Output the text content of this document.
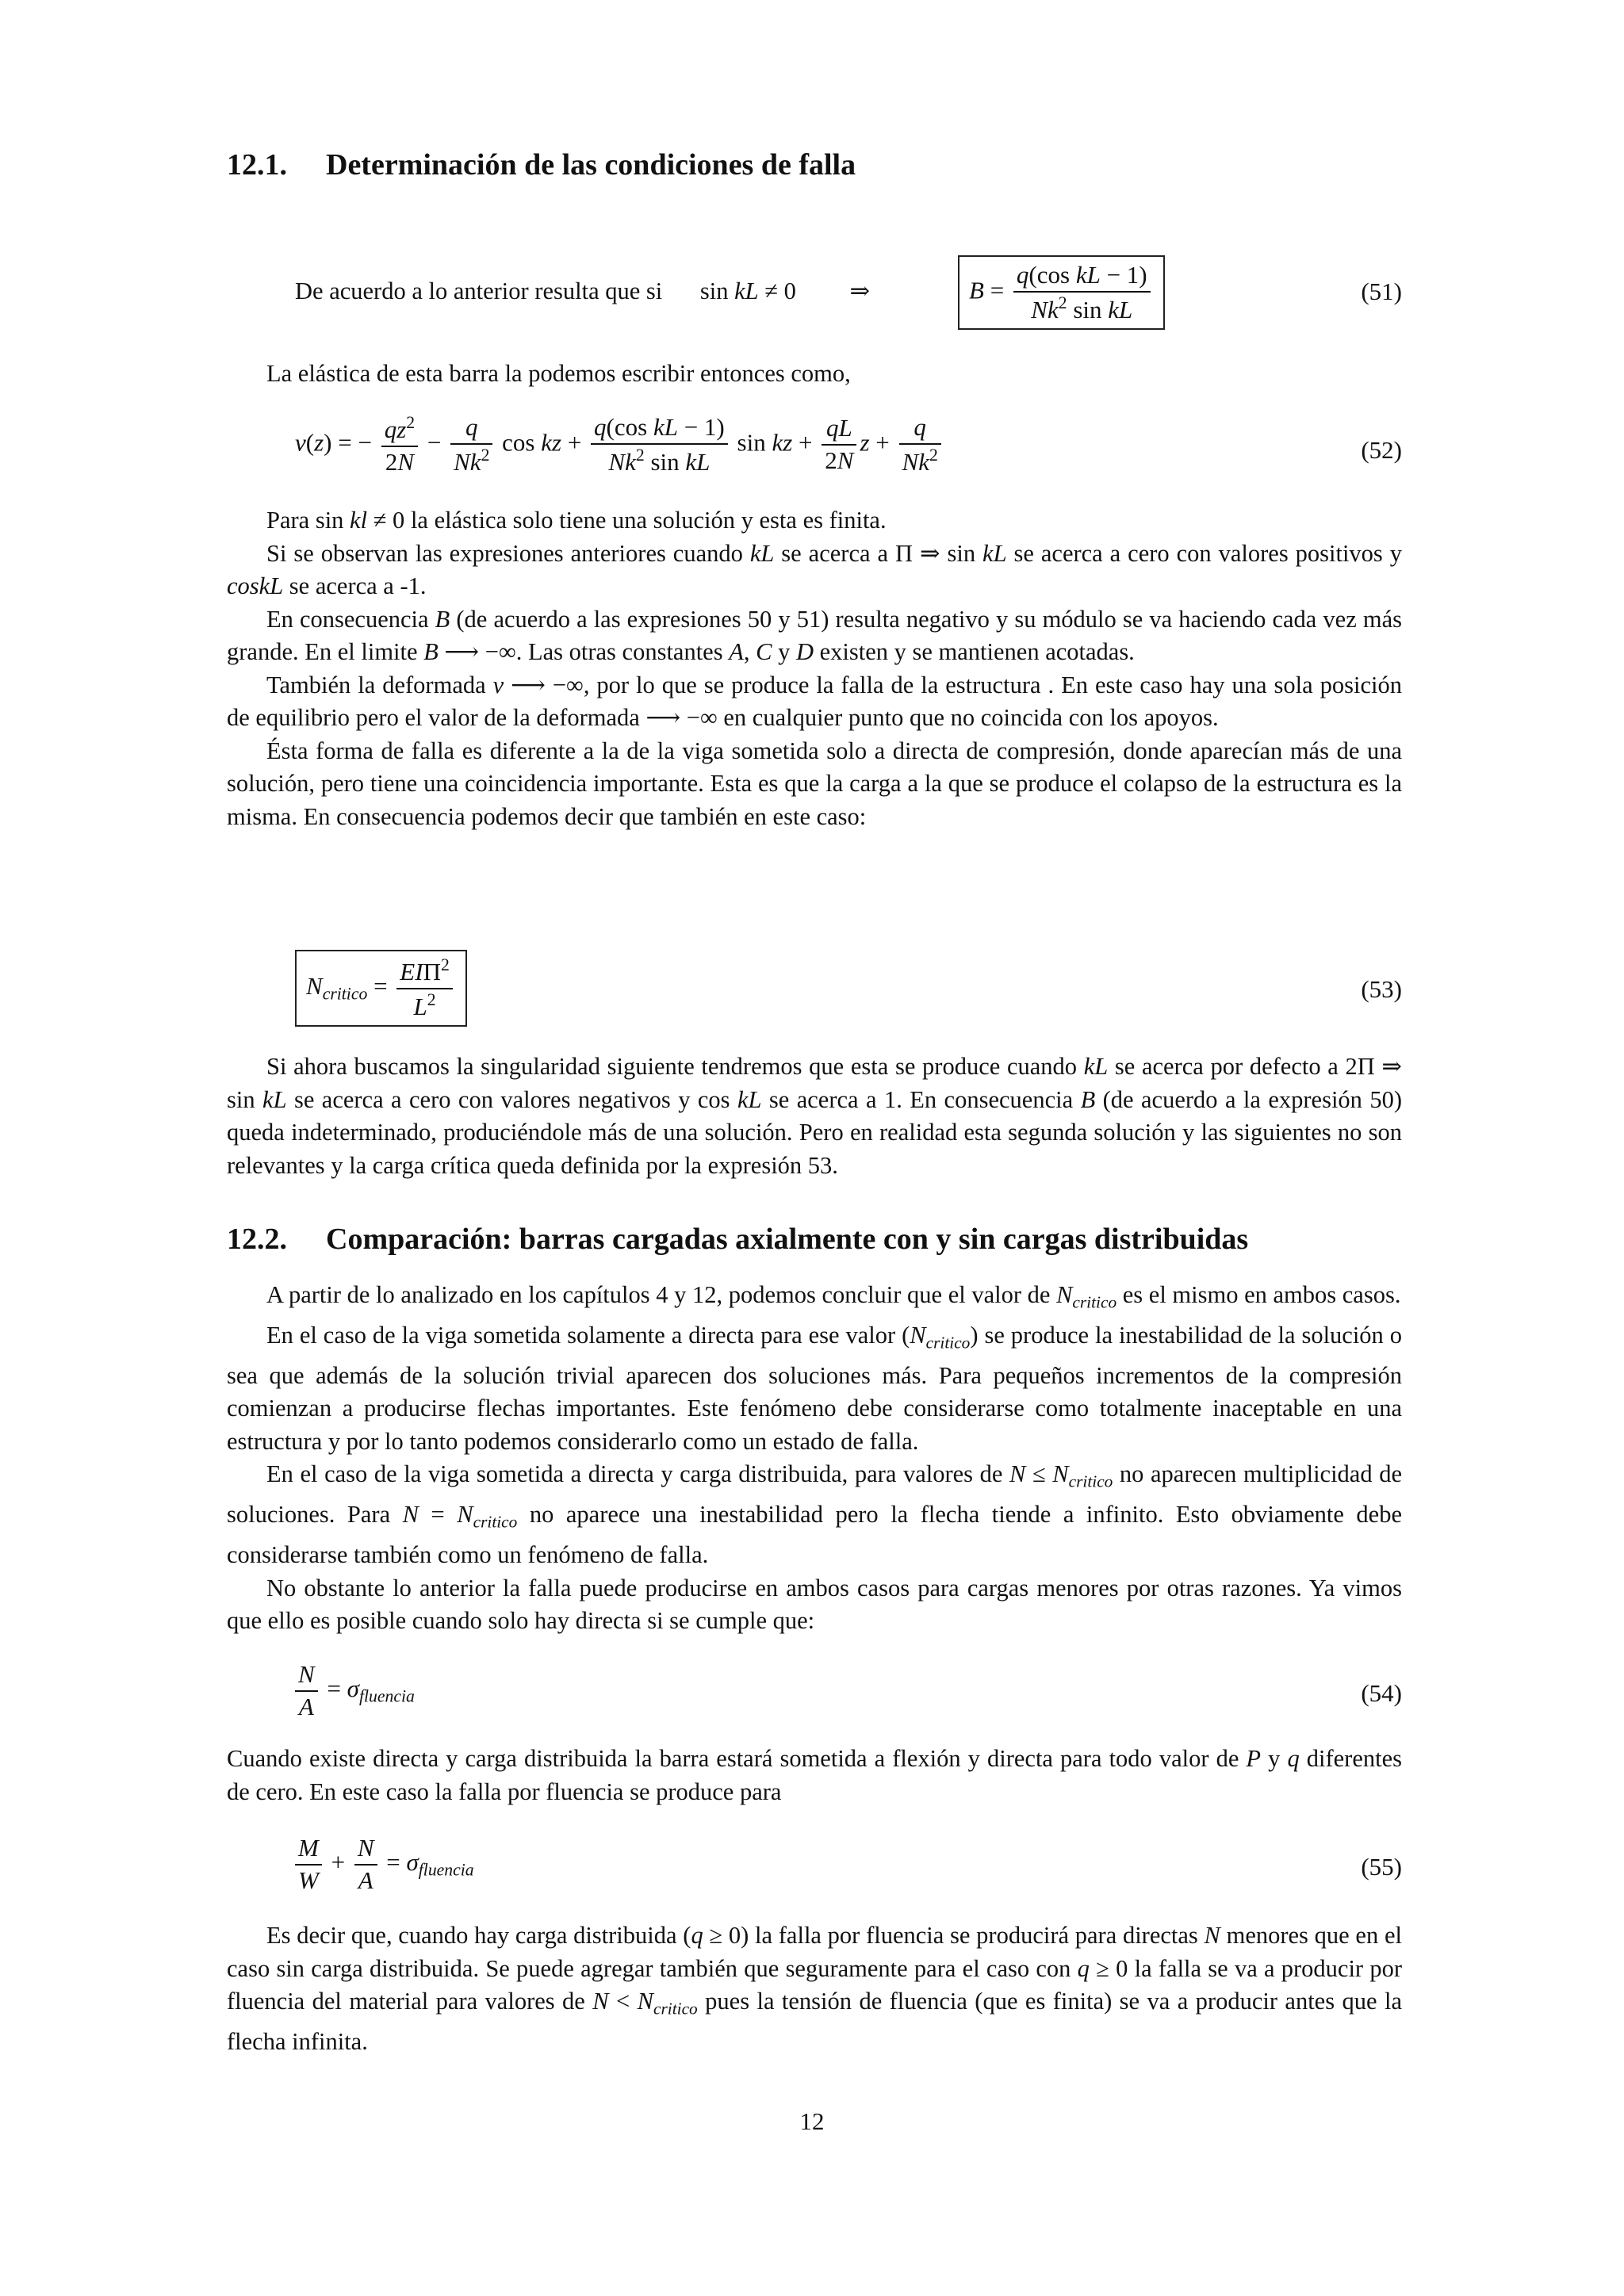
12.1. Determinación de las condiciones de falla
De acuerdo a lo anterior resulta que si sin kL ≠ 0 ⇒	$B = \frac{\text{q(cos kL − 1)}}{Nk^2 \sin kL}$	(51)

La elástica de esta barra la podemos escribir entonces como,

ν(z) = − $\frac{qz^2}{2N} - \frac{q}{Nk^2}$ cos kz + $\frac{\text{q(cos kL − 1)}}{Nk^2 \sin kL}$ sin kz + $\frac{qL}{2N}$ $z + \frac{q}{Nk^2}$	(52)

Para sin kl ≠ 0 la elástica solo tiene una solución y esta es finita.

Si se observan las expresiones anteriores cuando kL se acerca a Π ⇒ sin kL se acerca a cero con valores positivos y coskL se acerca a -1.

En consecuencia B (de acuerdo a las expresiones 50 y 51) resulta negativo y su módulo se va haciendo cada vez más grande. En el limite B ⟶ −∞. Las otras constantes A, C y D existen y se mantienen acotadas.

También la deformada ν ⟶ −∞, por lo que se produce la falla de la estructura . En este caso hay una sola posición de equilibrio pero el valor de la deformada ⟶ −∞ en cualquier punto que no coincida con los apoyos.

Ésta forma de falla es diferente a la de la viga sometida solo a directa de compresión, donde aparecían más de una solución, pero tiene una coincidencia importante. Esta es que la carga a la que se produce el colapso de la estructura es la misma. En consecuencia podemos decir que también en este caso:

$N_{critico} = \frac{EI\Pi^2}{L^2}$	(53)

Si ahora buscamos la singularidad siguiente tendremos que esta se produce cuando kL se acerca por defecto a 2Π ⇒ sin kL se acerca a cero con valores negativos y cos kL se acerca a 1. En consecuencia B (de acuerdo a la expresión 50) queda indeterminado, produciéndole más de una solución. Pero en realidad esta segunda solución y las siguientes no son relevantes y la carga crítica queda definida por la expresión 53.

12.2. Comparación: barras cargadas axialmente con y sin cargas distribuidas

A partir de lo analizado en los capítulos 4 y 12, podemos concluir que el valor de $N_{critico}$ es el mismo en ambos casos.

En el caso de la viga sometida solamente a directa para ese valor $(N_{critico})$ se produce la inestabilidad de la solución o sea que además de la solución trivial aparecen dos soluciones más. Para pequeños incrementos de la compresión comienzan a producirse flechas importantes. Este fenómeno debe considerarse como totalmente inaceptable en una estructura y por lo tanto podemos considerarlo como un estado de falla.

En el caso de la viga sometida a directa y carga distribuida, para valores de $N \le N_{critico}$ no aparecen multiplicidad de soluciones. Para $N = N_{critico}$ no aparece una inestabilidad pero la flecha tiende a infinito. Esto obviamente debe considerarse también como un fenómeno de falla.

No obstante lo anterior la falla puede producirse en ambos casos para cargas menores por otras razones. Ya vimos que ello es posible cuando solo hay directa si se cumple que:

$\frac{N}{A} = \sigma_{fluencia}$	(54)

Cuando existe directa y carga distribuida la barra estará sometida a flexión y directa para todo valor de P y q diferentes de cero. En este caso la falla por fluencia se produce para

$\frac{M}{W} + \frac{N}{A} = \sigma_{fluencia}$	(55)

Es decir que, cuando hay carga distribuida (q ≥ 0) la falla por fluencia se producirá para directas N menores que en el caso sin carga distribuida. Se puede agregar también que seguramente para el caso con q ≥ 0 la falla se va a producir por fluencia del material para valores de $N < N_{critico}$ pues la tensión de fluencia (que es finita) se va a producir antes que la flecha infinita.

12
